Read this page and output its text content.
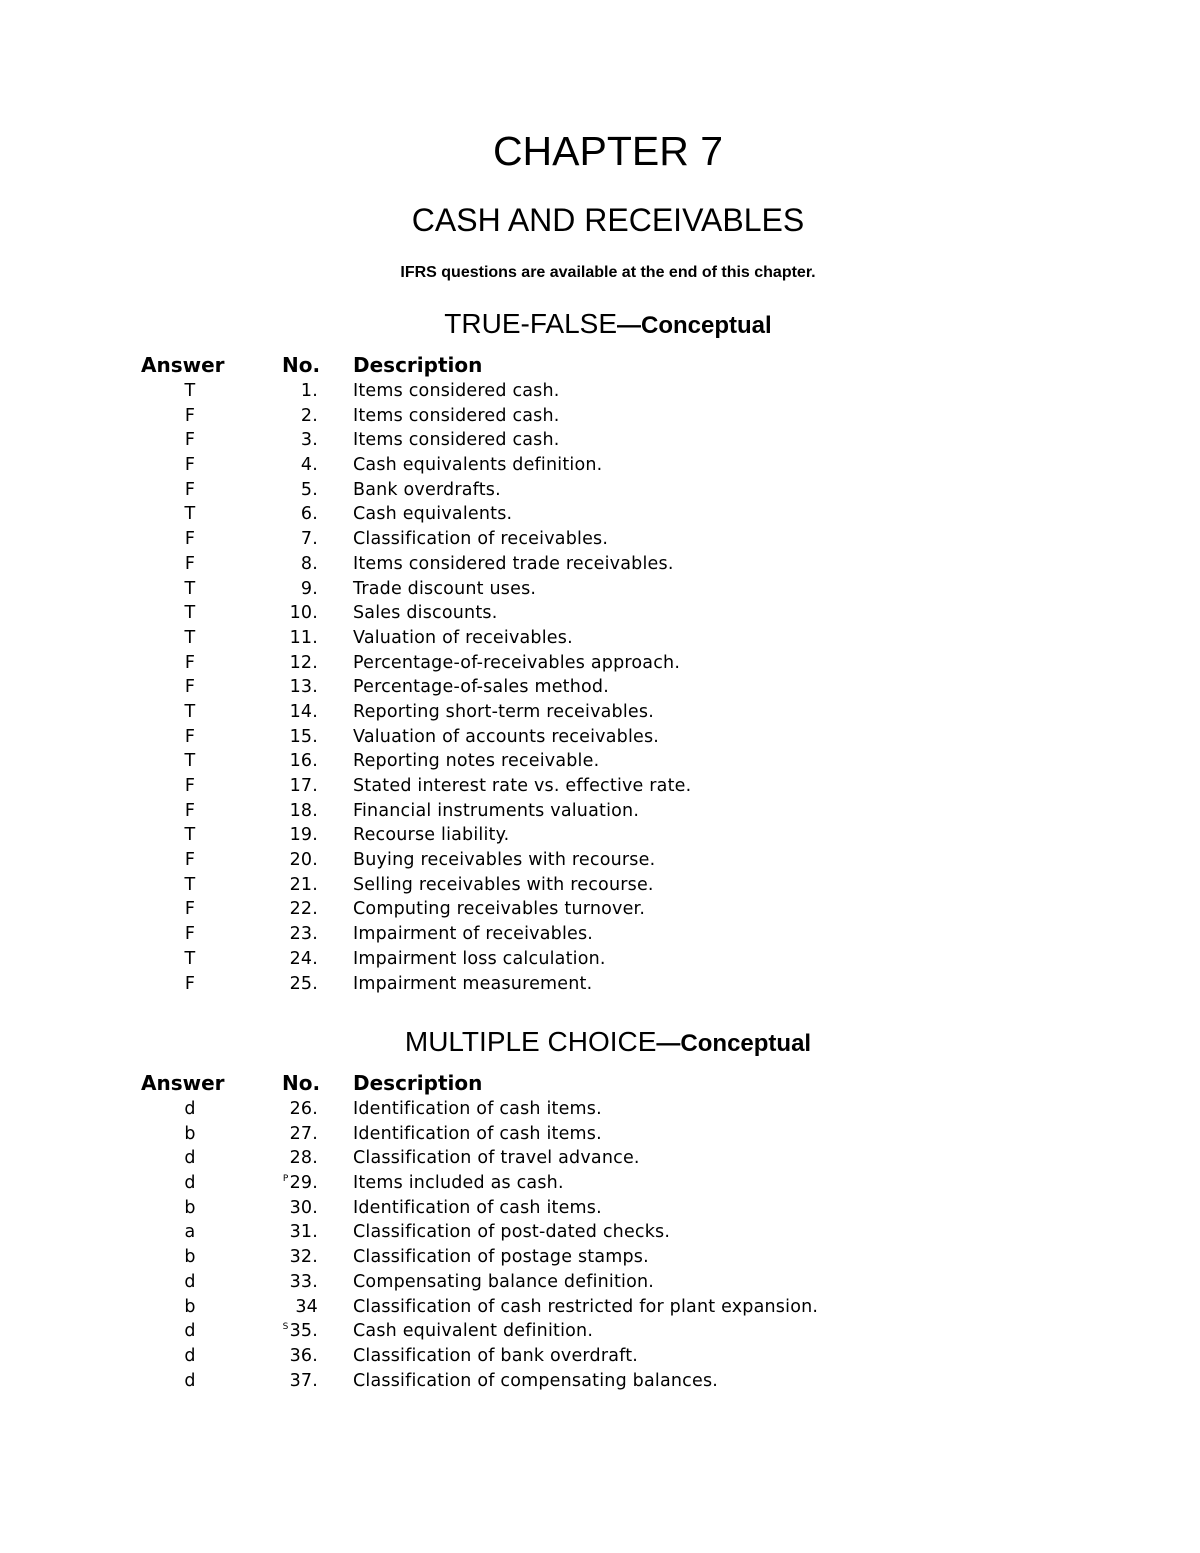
CHAPTER 7
CASH AND RECEIVABLES
IFRS questions are available at the end of this chapter.
TRUE-FALSE—Conceptual
Answer	No. Description
T	1. Items considered cash.
F	2. Items considered cash.
F	3. Items considered cash.
F	4. Cash equivalents definition.
F	5. Bank overdrafts.
T	6. Cash equivalents.
F	7. Classification of receivables.
F	8. Items considered trade receivables.
T	9. Trade discount uses.
T	10. Sales discounts.
T	11. Valuation of receivables.
F	12. Percentage-of-receivables approach.
F	13. Percentage-of-sales method.
T	14. Reporting short-term receivables.
F	15. Valuation of accounts receivables.
T	16. Reporting notes receivable.
F	17. Stated interest rate vs. effective rate.
F	18. Financial instruments valuation.
T	19. Recourse liability.
F	20. Buying receivables with recourse.
T	21. Selling receivables with recourse.
F	22. Computing receivables turnover.
F	23. Impairment of receivables.
T	24. Impairment loss calculation.
F	25. Impairment measurement.
MULTIPLE CHOICE—Conceptual
Answer	No. Description
d	26. Identification of cash items.
b	27. Identification of cash items.
d	28. Classification of travel advance.
d	$^P$29. Items included as cash.
b	30. Identification of cash items.
a	31. Classification of post-dated checks.
b	32. Classification of postage stamps.
d	33. Compensating balance definition.
b	34 Classification of cash restricted for plant expansion.
d	$^S$35. Cash equivalent definition.
d	36. Classification of bank overdraft.
d	37. Classification of compensating balances.
